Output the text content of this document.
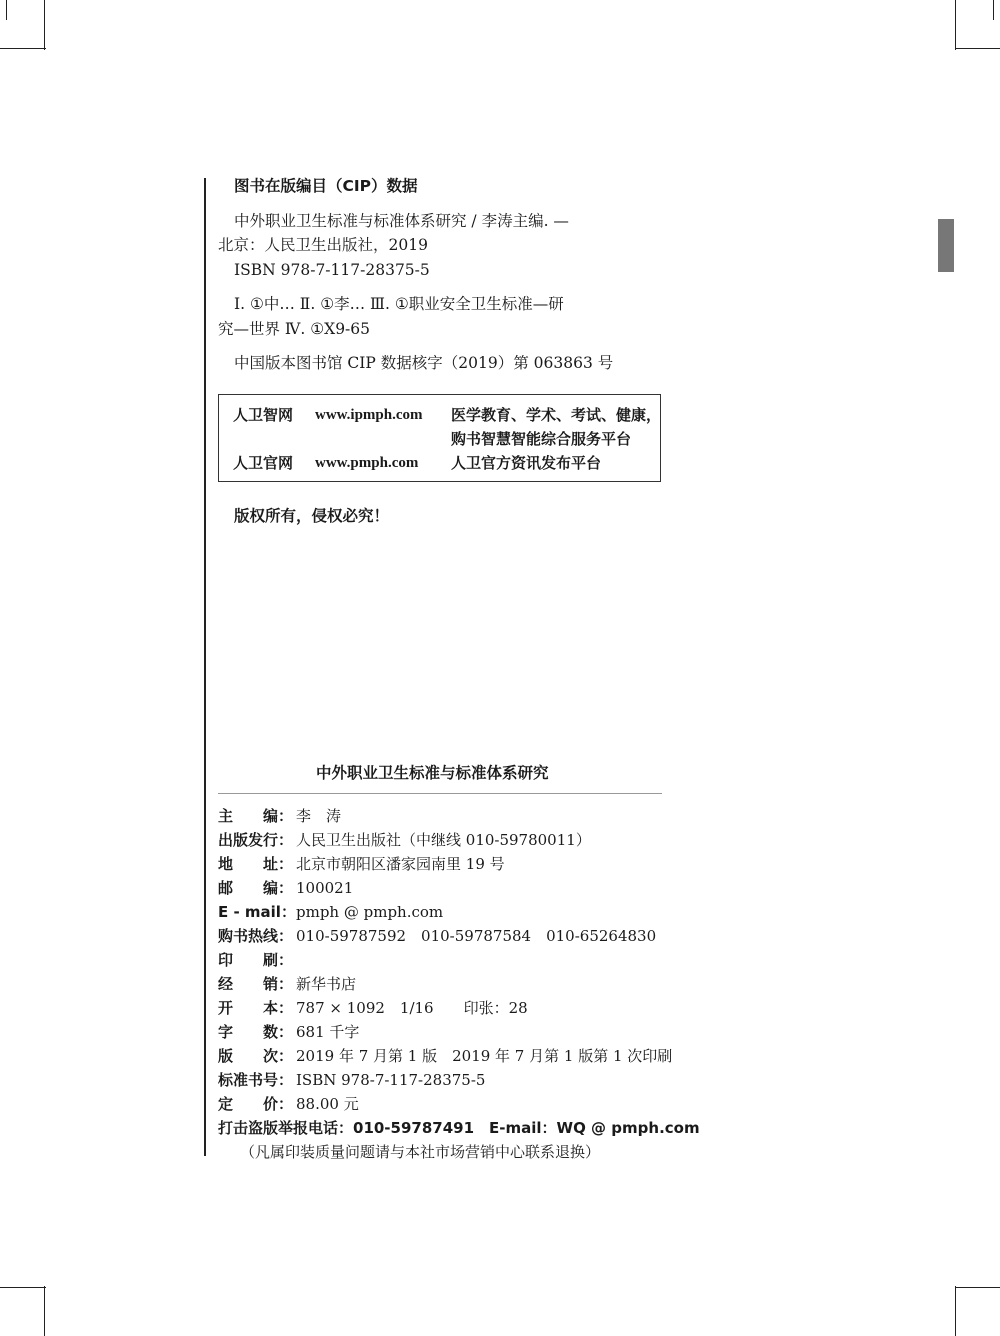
图书在版编目（CIP）数据
中外职业卫生标准与标准体系研究 / 李涛主编. —
北京：人民卫生出版社，2019
ISBN 978-7-117-28375-5
Ⅰ. ①中… Ⅱ. ①李… Ⅲ. ①职业安全卫生标准—研
究—世界 Ⅳ. ①X9-65
中国版本图书馆 CIP 数据核字（2019）第 063863 号
人卫智网 www.ipmph.com 医学教育、学术、考试、健康，
购书智慧智能综合服务平台
人卫官网 www.pmph.com 人卫官方资讯发布平台
版权所有，侵权必究！
中外职业卫生标准与标准体系研究
主　　编： 李　涛
出版发行： 人民卫生出版社（中继线 010-59780011）
地　　址： 北京市朝阳区潘家园南里 19 号
邮　　编： 100021
E - mail： pmph @ pmph.com
购书热线： 010-59787592　010-59787584　010-65264830
印　　刷：
经　　销： 新华书店
开　　本： 787 × 1092　1/16　　印张：28
字　　数： 681 千字
版　　次： 2019 年 7 月第 1 版　2019 年 7 月第 1 版第 1 次印刷
标准书号： ISBN 978-7-117-28375-5
定　　价： 88.00 元
打击盗版举报电话：010-59787491　E-mail：WQ @ pmph.com
（凡属印装质量问题请与本社市场营销中心联系退换）
